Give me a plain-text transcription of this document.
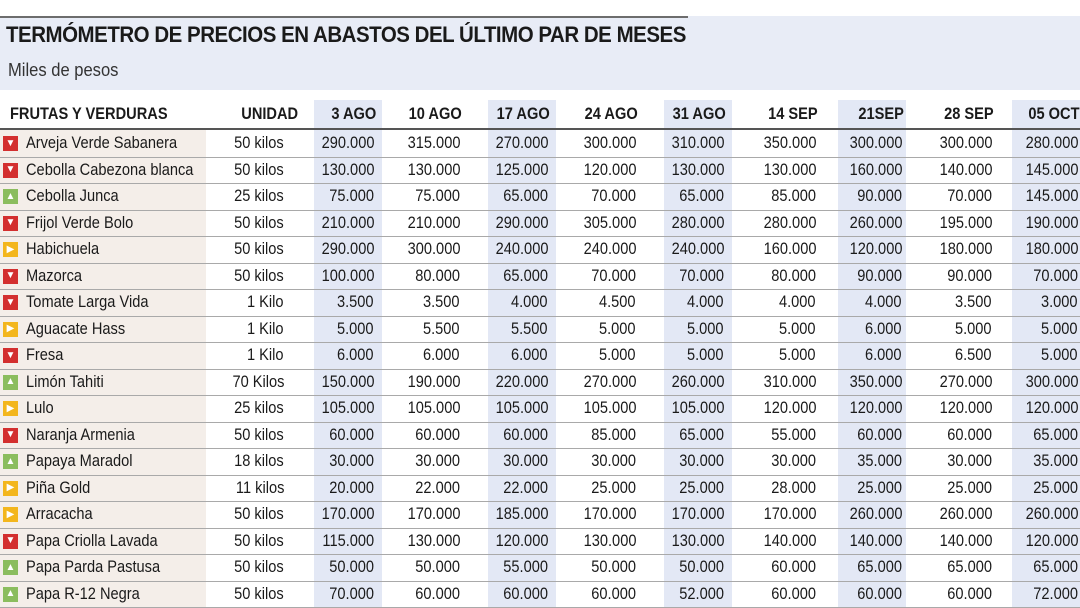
TERMÓMETRO DE PRECIOS EN ABASTOS DEL ÚLTIMO PAR DE MESES
Miles de pesos
FRUTAS Y VERDURAS	UNIDAD 3 AGO 10 AGO 17 AGO 24 AGO 31 AGO 14 SEP 21SEP 28 SEP 05 OCT
▼ Arveja Verde Sabanera	50 kilos 290.000 315.000 270.000 300.000 310.000 350.000 300.000 300.000 280.000
▼ Cebolla Cabezona blanca 50 kilos 130.000 130.000 125.000 120.000 130.000 130.000 160.000 140.000 145.000
▲ Cebolla Junca	25 kilos	75.000 75.000	65.000	70.000	65.000	85.000 90.000	70.000 145.000
▼ Frijol Verde Bolo	50 kilos 210.000 210.000 290.000 305.000 280.000 280.000 260.000 195.000 190.000
▶ Habichuela	50 kilos 290.000 300.000 240.000 240.000 240.000 160.000 120.000 180.000 180.000
▼ Mazorca	50 kilos 100.000 80.000	65.000	70.000	70.000	80.000 90.000	90.000 70.000
▼ Tomate Larga Vida	1 Kilo	3.500	3.500	4.000	4.500	4.000	4.000	4.000	3.500	3.000
▶ Aguacate Hass	1 Kilo	5.000	5.500	5.500	5.000	5.000	5.000	6.000	5.000	5.000
▼ Fresa	1 Kilo	6.000	6.000	6.000	5.000	5.000	5.000	6.000	6.500	5.000
▲ Limón Tahiti	70 Kilos 150.000 190.000 220.000 270.000 260.000 310.000 350.000 270.000 300.000
▶ Lulo	25 kilos 105.000 105.000 105.000 105.000 105.000 120.000 120.000 120.000 120.000
▼ Naranja Armenia	50 kilos	60.000 60.000	60.000	85.000	65.000	55.000 60.000	60.000 65.000
▲ Papaya Maradol	18 kilos	30.000 30.000	30.000	30.000	30.000	30.000 35.000	30.000 35.000
▶ Piña Gold	11 kilos	20.000 22.000	22.000	25.000	25.000	28.000 25.000	25.000 25.000
▶ Arracacha	50 kilos 170.000 170.000 185.000 170.000 170.000 170.000 260.000 260.000 260.000
▼ Papa Criolla Lavada	50 kilos 115.000 130.000 120.000 130.000 130.000 140.000 140.000 140.000 120.000
▲ Papa Parda Pastusa	50 kilos	50.000 50.000	55.000	50.000	50.000	60.000 65.000	65.000 65.000
▲ Papa R-12 Negra	50 kilos	70.000 60.000	60.000	60.000	52.000	60.000 60.000	60.000 72.000
